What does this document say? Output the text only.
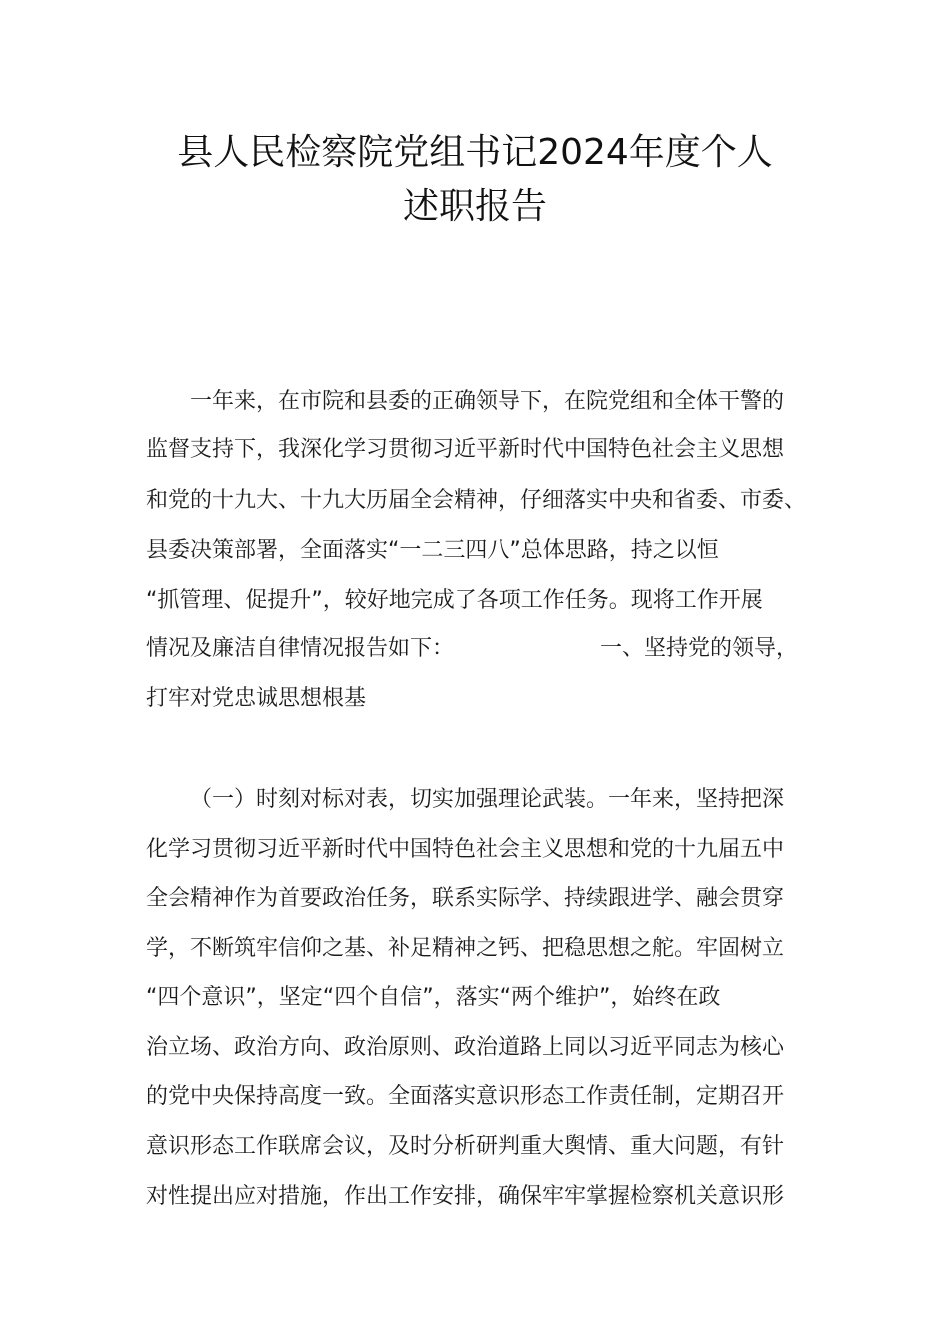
县人民检察院党组书记2024年度个人
述职报告
一年来，在市院和县委的正确领导下，在院党组和全体干警的
监督支持下，我深化学习贯彻习近平新时代中国特色社会主义思想
和党的十九大、十九大历届全会精神，仔细落实中央和省委、市委、
县委决策部署，全面落实“一二三四八”总体思路，持之以恒
“抓管理、促提升”，较好地完成了各项工作任务。现将工作开展
情况及廉洁自律情况报告如下：	一、坚持党的领导，
打牢对党忠诚思想根基
（一）时刻对标对表，切实加强理论武装。一年来，坚持把深
化学习贯彻习近平新时代中国特色社会主义思想和党的十九届五中
全会精神作为首要政治任务，联系实际学、持续跟进学、融会贯穿
学，不断筑牢信仰之基、补足精神之钙、把稳思想之舵。牢固树立
“四个意识”，坚定“四个自信”，落实“两个维护”，始终在政
治立场、政治方向、政治原则、政治道路上同以习近平同志为核心
的党中央保持高度一致。全面落实意识形态工作责任制，定期召开
意识形态工作联席会议，及时分析研判重大舆情、重大问题，有针
对性提出应对措施，作出工作安排，确保牢牢掌握检察机关意识形
